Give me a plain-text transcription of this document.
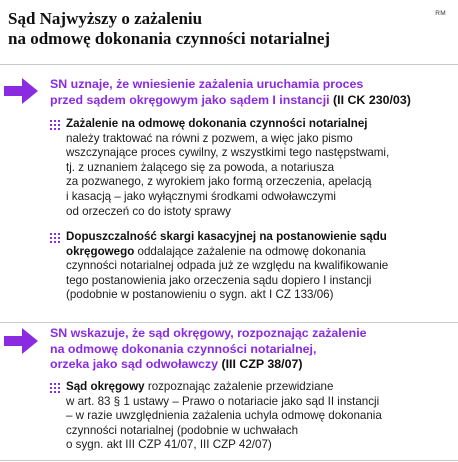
RM
Sąd Najwyższy o zażaleniu
na odmowę dokonania czynności notarialnej
SN uznaje, że wniesienie zażalenia uruchamia proces
przed sądem okręgowym jako sądem I instancji (II CK 230/03)
Zażalenie na odmowę dokonania czynności notarialnej
należy traktować na równi z pozwem, a więc jako pismo
wszczynające proces cywilny, z wszystkimi tego następstwami,
tj. z uznaniem żalącego się za powoda, a notariusza
za pozwanego, z wyrokiem jako formą orzeczenia, apelacją
i kasacją – jako wyłącznymi środkami odwoławczymi
od orzeczeń co do istoty sprawy
Dopuszczalność skargi kasacyjnej na postanowienie sądu
okręgowego oddalające zażalenie na odmowę dokonania
czynności notarialnej odpada już ze względu na kwalifikowanie
tego postanowienia jako orzeczenia sądu dopiero I instancji
(podobnie w postanowieniu o sygn. akt I CZ 133/06)
SN wskazuje, że sąd okręgowy, rozpoznając zażalenie
na odmowę dokonania czynności notarialnej,
orzeka jako sąd odwoławczy (III CZP 38/07)
Sąd okręgowy rozpoznając zażalenie przewidziane
w art. 83 § 1 ustawy – Prawo o notariacie jako sąd II instancji
– w razie uwzględnienia zażalenia uchyla odmowę dokonania
czynności notarialnej (podobnie w uchwałach
o sygn. akt III CZP 41/07, III CZP 42/07)
